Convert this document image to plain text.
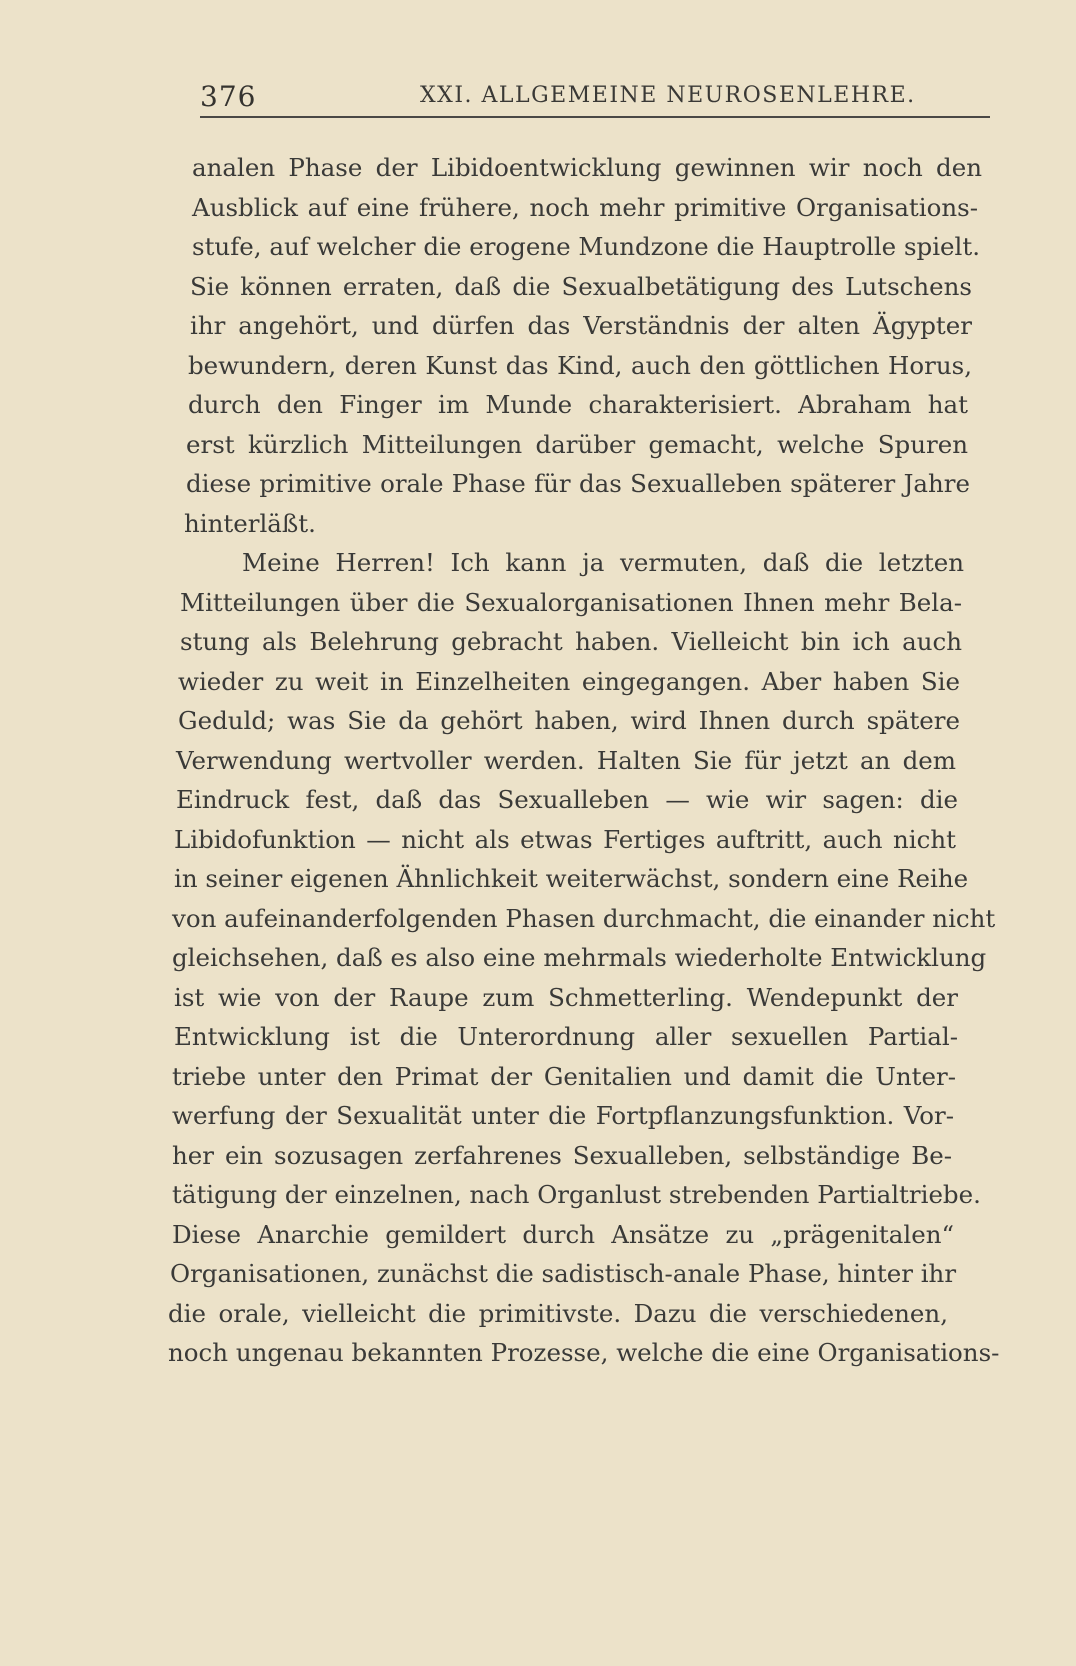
376	XXI. ALLGEMEINE NEUROSENLEHRE.
analen Phase der Libidoentwicklung gewinnen wir noch den
Ausblick auf eine frühere, noch mehr primitive Organisations-
stufe, auf welcher die erogene Mundzone die Hauptrolle spielt.
Sie können erraten, daß die Sexualbetätigung des Lutschens
ihr angehört, und dürfen das Verständnis der alten Ägypter
bewundern, deren Kunst das Kind, auch den göttlichen Horus,
durch den Finger im Munde charakterisiert. Abraham hat
erst kürzlich Mitteilungen darüber gemacht, welche Spuren
diese primitive orale Phase für das Sexualleben späterer Jahre
hinterläßt.
Meine Herren! Ich kann ja vermuten, daß die letzten
Mitteilungen über die Sexualorganisationen Ihnen mehr Bela-
stung als Belehrung gebracht haben. Vielleicht bin ich auch
wieder zu weit in Einzelheiten eingegangen. Aber haben Sie
Geduld; was Sie da gehört haben, wird Ihnen durch spätere
Verwendung wertvoller werden. Halten Sie für jetzt an dem
Eindruck fest, daß das Sexualleben — wie wir sagen: die
Libidofunktion — nicht als etwas Fertiges auftritt, auch nicht
in seiner eigenen Ähnlichkeit weiterwächst, sondern eine Reihe
von aufeinanderfolgenden Phasen durchmacht, die einander nicht
gleichsehen, daß es also eine mehrmals wiederholte Entwicklung
ist wie von der Raupe zum Schmetterling. Wendepunkt der
Entwicklung ist die Unterordnung aller sexuellen Partial-
triebe unter den Primat der Genitalien und damit die Unter-
werfung der Sexualität unter die Fortpflanzungsfunktion. Vor-
her ein sozusagen zerfahrenes Sexualleben, selbständige Be-
tätigung der einzelnen, nach Organlust strebenden Partialtriebe.
Diese Anarchie gemildert durch Ansätze zu „prägenitalen“
Organisationen, zunächst die sadistisch-anale Phase, hinter ihr
die orale, vielleicht die primitivste. Dazu die verschiedenen,
noch ungenau bekannten Prozesse, welche die eine Organisations-
